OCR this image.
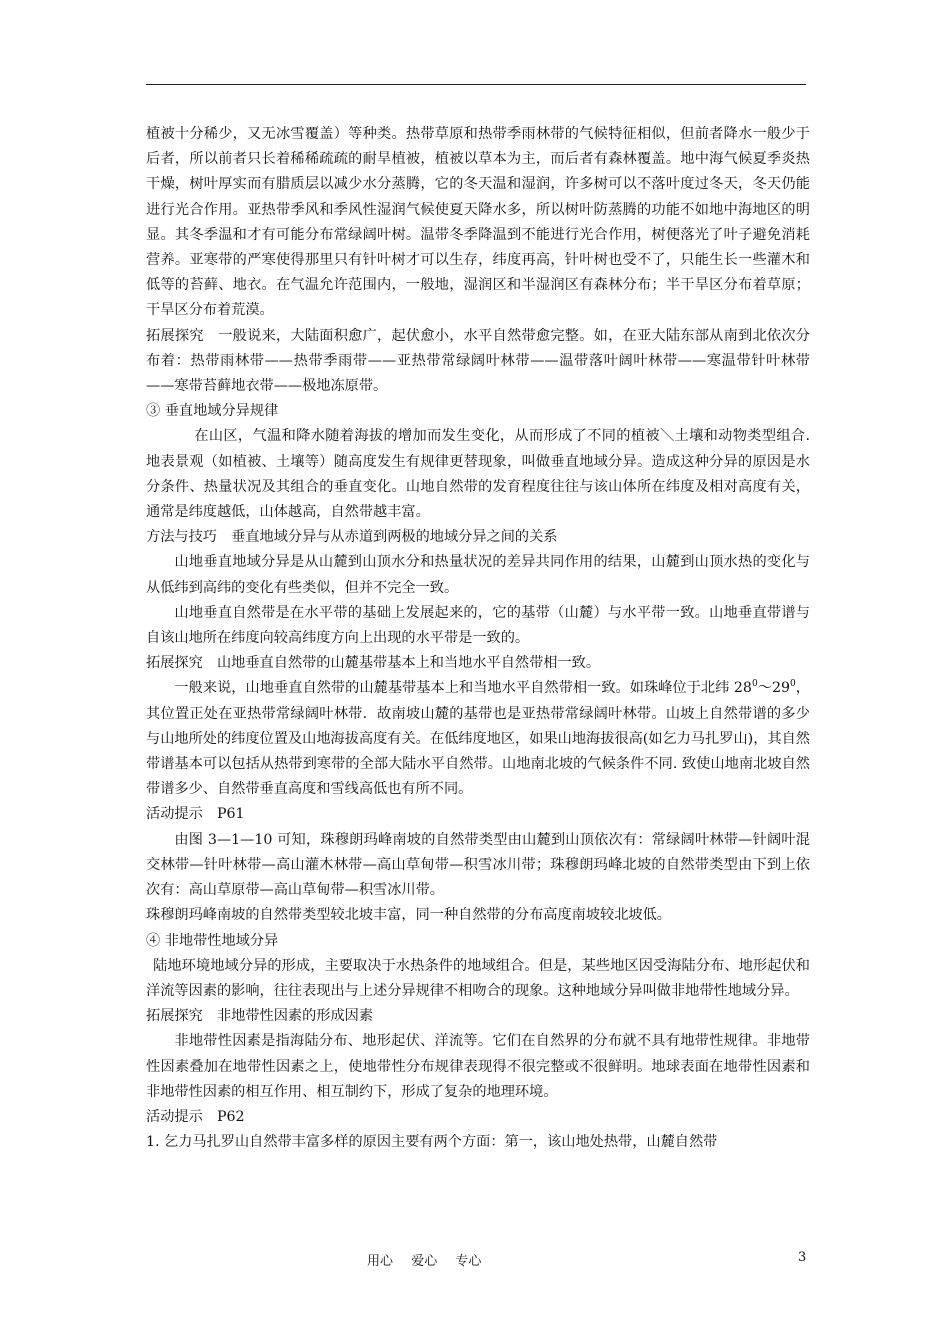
植被十分稀少，又无冰雪覆盖）等种类。热带草原和热带季雨林带的气候特征相似，但前者降水一般少于后者，所以前者只长着稀稀疏疏的耐旱植被，植被以草本为主，而后者有森林覆盖。地中海气候夏季炎热干燥，树叶厚实而有腊质层以减少水分蒸腾，它的冬天温和湿润，许多树可以不落叶度过冬天，冬天仍能进行光合作用。亚热带季风和季风性湿润气候使夏天降水多，所以树叶防蒸腾的功能不如地中海地区的明显。其冬季温和才有可能分布常绿阔叶树。温带冬季降温到不能进行光合作用，树便落光了叶子避免消耗营养。亚寒带的严寒使得那里只有针叶树才可以生存，纬度再高，针叶树也受不了，只能生长一些灌木和低等的苔藓、地衣。在气温允许范围内，一般地，湿润区和半湿润区有森林分布；半干旱区分布着草原；干旱区分布着荒漠。

拓展探究　一般说来，大陆面积愈广，起伏愈小，水平自然带愈完整。如，在亚大陆东部从南到北依次分布着：热带雨林带——热带季雨带——亚热带常绿阔叶林带——温带落叶阔叶林带——寒温带针叶林带——寒带苔藓地衣带——极地冻原带。

③ 垂直地域分异规律

在山区，气温和降水随着海拔的增加而发生变化，从而形成了不同的植被＼土壤和动物类型组合. 地表景观（如植被、土壤等）随高度发生有规律更替现象，叫做垂直地域分异。造成这种分异的原因是水分条件、热量状况及其组合的垂直变化。山地自然带的发育程度往往与该山体所在纬度及相对高度有关，通常是纬度越低，山体越高，自然带越丰富。

方法与技巧　垂直地域分异与从赤道到两极的地域分异之间的关系

山地垂直地域分异是从山麓到山顶水分和热量状况的差异共同作用的结果，山麓到山顶水热的变化与从低纬到高纬的变化有些类似，但并不完全一致。

山地垂直自然带是在水平带的基础上发展起来的，它的基带（山麓）与水平带一致。山地垂直带谱与自该山地所在纬度向较高纬度方向上出现的水平带是一致的。

拓展探究　山地垂直自然带的山麓基带基本上和当地水平自然带相一致。

一般来说，山地垂直自然带的山麓基带基本上和当地水平自然带相一致。如珠峰位于北纬 $28^0\sim 29^0$，其位置正处在亚热带常绿阔叶林带．故南坡山麓的基带也是亚热带常绿阔叶林带。山坡上自然带谱的多少与山地所处的纬度位置及山地海拔高度有关。在低纬度地区，如果山地海拔很高(如乞力马扎罗山)，其自然带谱基本可以包括从热带到寒带的全部大陆水平自然带。山地南北坡的气候条件不同. 致使山地南北坡自然带谱多少、自然带垂直高度和雪线高低也有所不同。

活动提示　P61

由图 3—1—10 可知，珠穆朗玛峰南坡的自然带类型由山麓到山顶依次有：常绿阔叶林带—针阔叶混交林带—针叶林带—高山灌木林带—高山草甸带—积雪冰川带；珠穆朗玛峰北坡的自然带类型由下到上依次有：高山草原带—高山草甸带—积雪冰川带。

珠穆朗玛峰南坡的自然带类型较北坡丰富，同一种自然带的分布高度南坡较北坡低。

④ 非地带性地域分异

陆地环境地域分异的形成，主要取决于水热条件的地域组合。但是，某些地区因受海陆分布、地形起伏和洋流等因素的影响，往往表现出与上述分异规律不相吻合的现象。这种地域分异叫做非地带性地域分异。

拓展探究　非地带性因素的形成因素

非地带性因素是指海陆分布、地形起伏、洋流等。它们在自然界的分布就不具有地带性规律。非地带性因素叠加在地带性因素之上，使地带性分布规律表现得不很完整或不很鲜明。地球表面在地带性因素和非地带性因素的相互作用、相互制约下，形成了复杂的地理环境。

活动提示　P62

1. 乞力马扎罗山自然带丰富多样的原因主要有两个方面：第一，该山地处热带，山麓自然带

用心 爱心 专心	3
